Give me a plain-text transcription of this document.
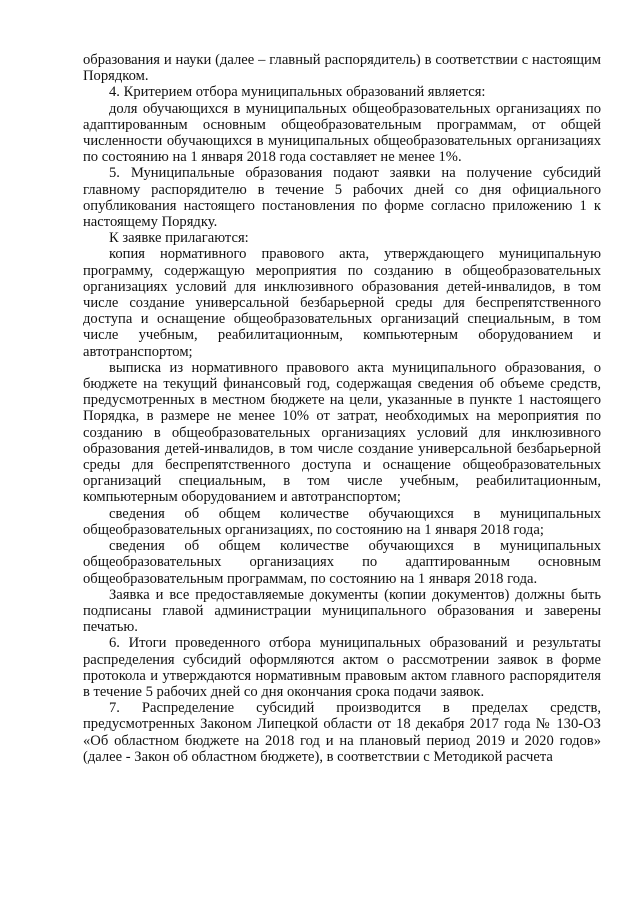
образования и науки (далее – главный распорядитель) в соответствии с настоящим Порядком.

4. Критерием отбора муниципальных образований является:

доля обучающихся в муниципальных общеобразовательных организациях по адаптированным основным общеобразовательным программам, от общей численности обучающихся в муниципальных общеобразовательных организациях по состоянию на 1 января 2018 года составляет не менее 1%.

5. Муниципальные образования подают заявки на получение субсидий главному распорядителю в течение 5 рабочих дней со дня официального опубликования настоящего постановления по форме согласно приложению 1 к настоящему Порядку.

К заявке прилагаются:

копия нормативного правового акта, утверждающего муниципальную программу, содержащую мероприятия по созданию в общеобразовательных организациях условий для инклюзивного образования детей-инвалидов, в том числе создание универсальной безбарьерной среды для беспрепятственного доступа и оснащение общеобразовательных организаций специальным, в том числе учебным, реабилитационным, компьютерным оборудованием и автотранспортом;

выписка из нормативного правового акта муниципального образования, о бюджете на текущий финансовый год, содержащая сведения об объеме средств, предусмотренных в местном бюджете на цели, указанные в пункте 1 настоящего Порядка, в размере не менее 10% от затрат, необходимых на мероприятия по созданию в общеобразовательных организациях условий для инклюзивного образования детей-инвалидов, в том числе создание универсальной безбарьерной среды для беспрепятственного доступа и оснащение общеобразовательных организаций специальным, в том числе учебным, реабилитационным, компьютерным оборудованием и автотранспортом;

сведения об общем количестве обучающихся в муниципальных общеобразовательных организациях, по состоянию на 1 января 2018 года;

сведения об общем количестве обучающихся в муниципальных общеобразовательных организациях по адаптированным основным общеобразовательным программам, по состоянию на 1 января 2018 года.

Заявка и все предоставляемые документы (копии документов) должны быть подписаны главой администрации муниципального образования и заверены печатью.

6. Итоги проведенного отбора муниципальных образований и результаты распределения субсидий оформляются актом о рассмотрении заявок в форме протокола и утверждаются нормативным правовым актом главного распорядителя в течение 5 рабочих дней со дня окончания срока подачи заявок.

7. Распределение субсидий производится в пределах средств, предусмотренных Законом Липецкой области от 18 декабря 2017 года № 130-ОЗ «Об областном бюджете на 2018 год и на плановый период 2019 и 2020 годов» (далее - Закон об областном бюджете), в соответствии с Методикой расчета
